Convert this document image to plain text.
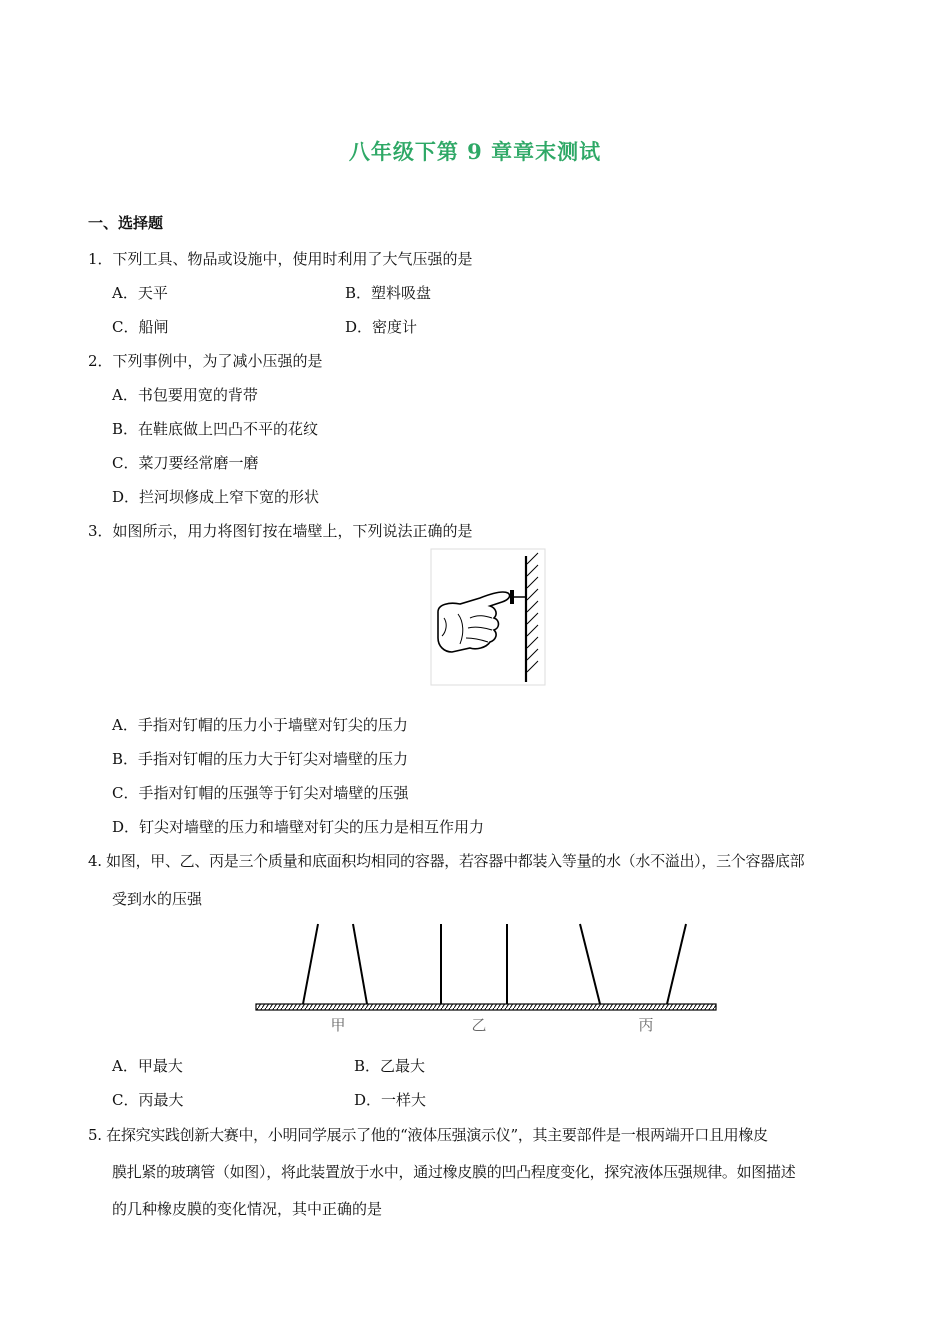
八年级下第 9 章章末测试
一、选择题
1．下列工具、物品或设施中，使用时利用了大气压强的是
A．天平	B．塑料吸盘
C．船闸	D．密度计
2．下列事例中，为了减小压强的是
A．书包要用宽的背带
B．在鞋底做上凹凸不平的花纹
C．菜刀要经常磨一磨
D．拦河坝修成上窄下宽的形状
3．如图所示，用力将图钉按在墙壁上，下列说法正确的是
A．手指对钉帽的压力小于墙壁对钉尖的压力
B．手指对钉帽的压力大于钉尖对墙壁的压力
C．手指对钉帽的压强等于钉尖对墙壁的压强
D．钉尖对墙壁的压力和墙壁对钉尖的压力是相互作用力
4. 如图，甲、乙、丙是三个质量和底面积均相同的容器，若容器中都装入等量的水（水不溢出），三个容器底部
受到水的压强
甲	乙	丙
A．甲最大	B．乙最大
C．丙最大	D．一样大
5. 在探究实践创新大赛中，小明同学展示了他的“液体压强演示仪”，其主要部件是一根两端开口且用橡皮
膜扎紧的玻璃管（如图），将此装置放于水中，通过橡皮膜的凹凸程度变化，探究液体压强规律。如图描述
的几种橡皮膜的变化情况，其中正确的是
